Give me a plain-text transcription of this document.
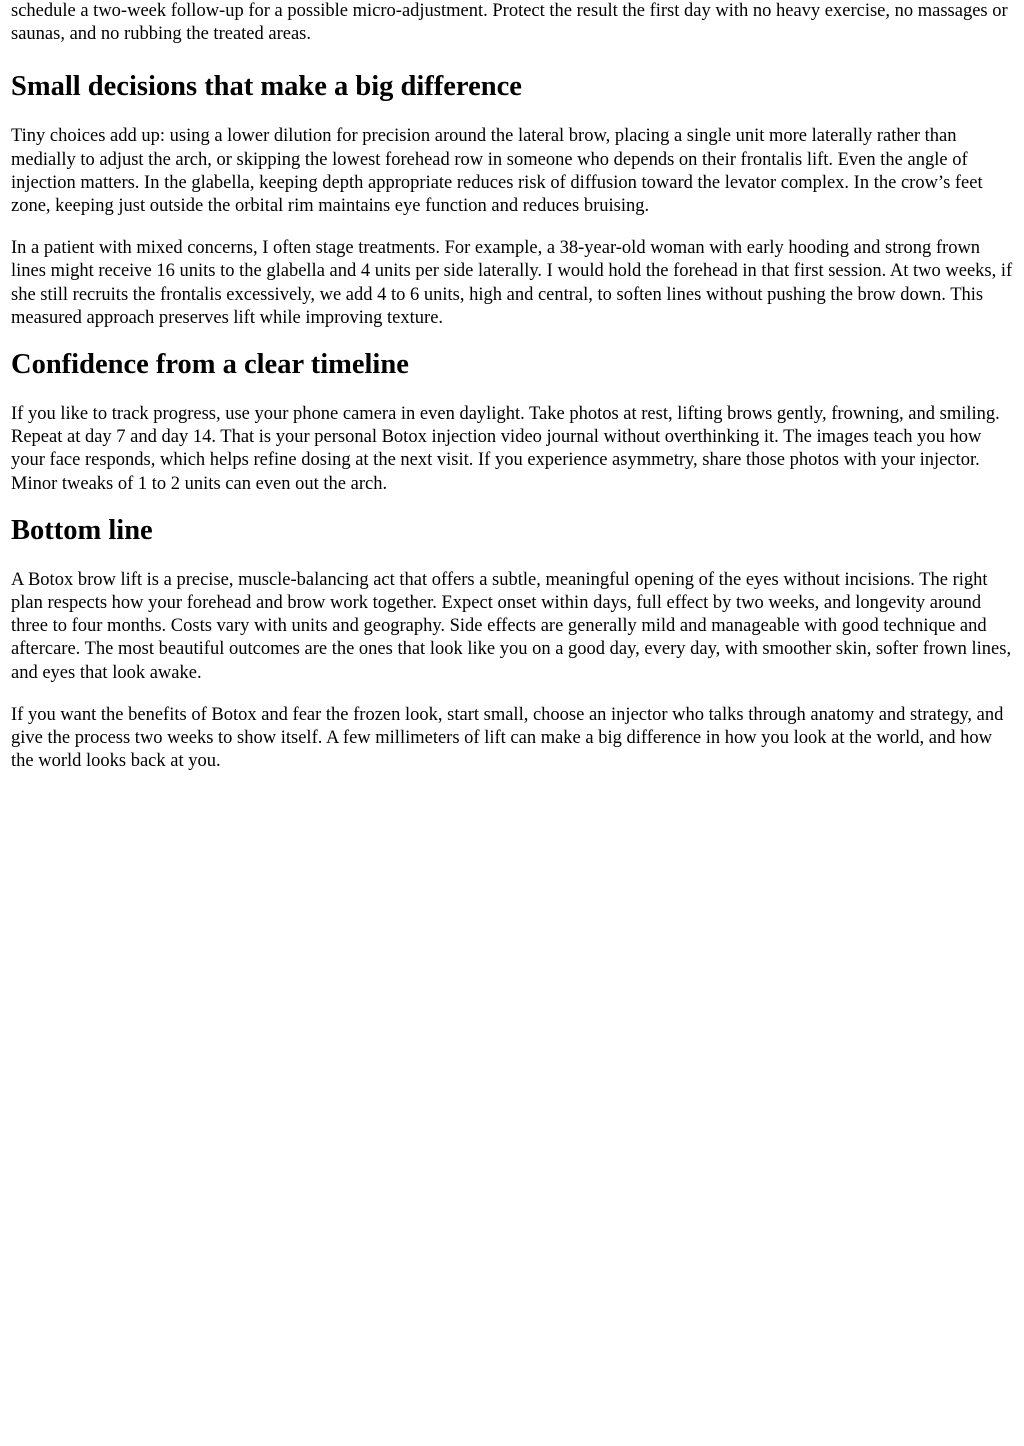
schedule a two-week follow-up for a possible micro-adjustment. Protect the result the first day with no heavy exercise, no massages or saunas, and no rubbing the treated areas.

Small decisions that make a big difference

Tiny choices add up: using a lower dilution for precision around the lateral brow, placing a single unit more laterally rather than medially to adjust the arch, or skipping the lowest forehead row in someone who depends on their frontalis lift. Even the angle of injection matters. In the glabella, keeping depth appropriate reduces risk of diffusion toward the levator complex. In the crow’s feet zone, keeping just outside the orbital rim maintains eye function and reduces bruising.

In a patient with mixed concerns, I often stage treatments. For example, a 38-year-old woman with early hooding and strong frown lines might receive 16 units to the glabella and 4 units per side laterally. I would hold the forehead in that first session. At two weeks, if she still recruits the frontalis excessively, we add 4 to 6 units, high and central, to soften lines without pushing the brow down. This measured approach preserves lift while improving texture.

Confidence from a clear timeline

If you like to track progress, use your phone camera in even daylight. Take photos at rest, lifting brows gently, frowning, and smiling. Repeat at day 7 and day 14. That is your personal Botox injection video journal without overthinking it. The images teach you how your face responds, which helps refine dosing at the next visit. If you experience asymmetry, share those photos with your injector. Minor tweaks of 1 to 2 units can even out the arch.

Bottom line

A Botox brow lift is a precise, muscle-balancing act that offers a subtle, meaningful opening of the eyes without incisions. The right plan respects how your forehead and brow work together. Expect onset within days, full effect by two weeks, and longevity around three to four months. Costs vary with units and geography. Side effects are generally mild and manageable with good technique and aftercare. The most beautiful outcomes are the ones that look like you on a good day, every day, with smoother skin, softer frown lines, and eyes that look awake.

If you want the benefits of Botox and fear the frozen look, start small, choose an injector who talks through anatomy and strategy, and give the process two weeks to show itself. A few millimeters of lift can make a big difference in how you look at the world, and how the world looks back at you.
